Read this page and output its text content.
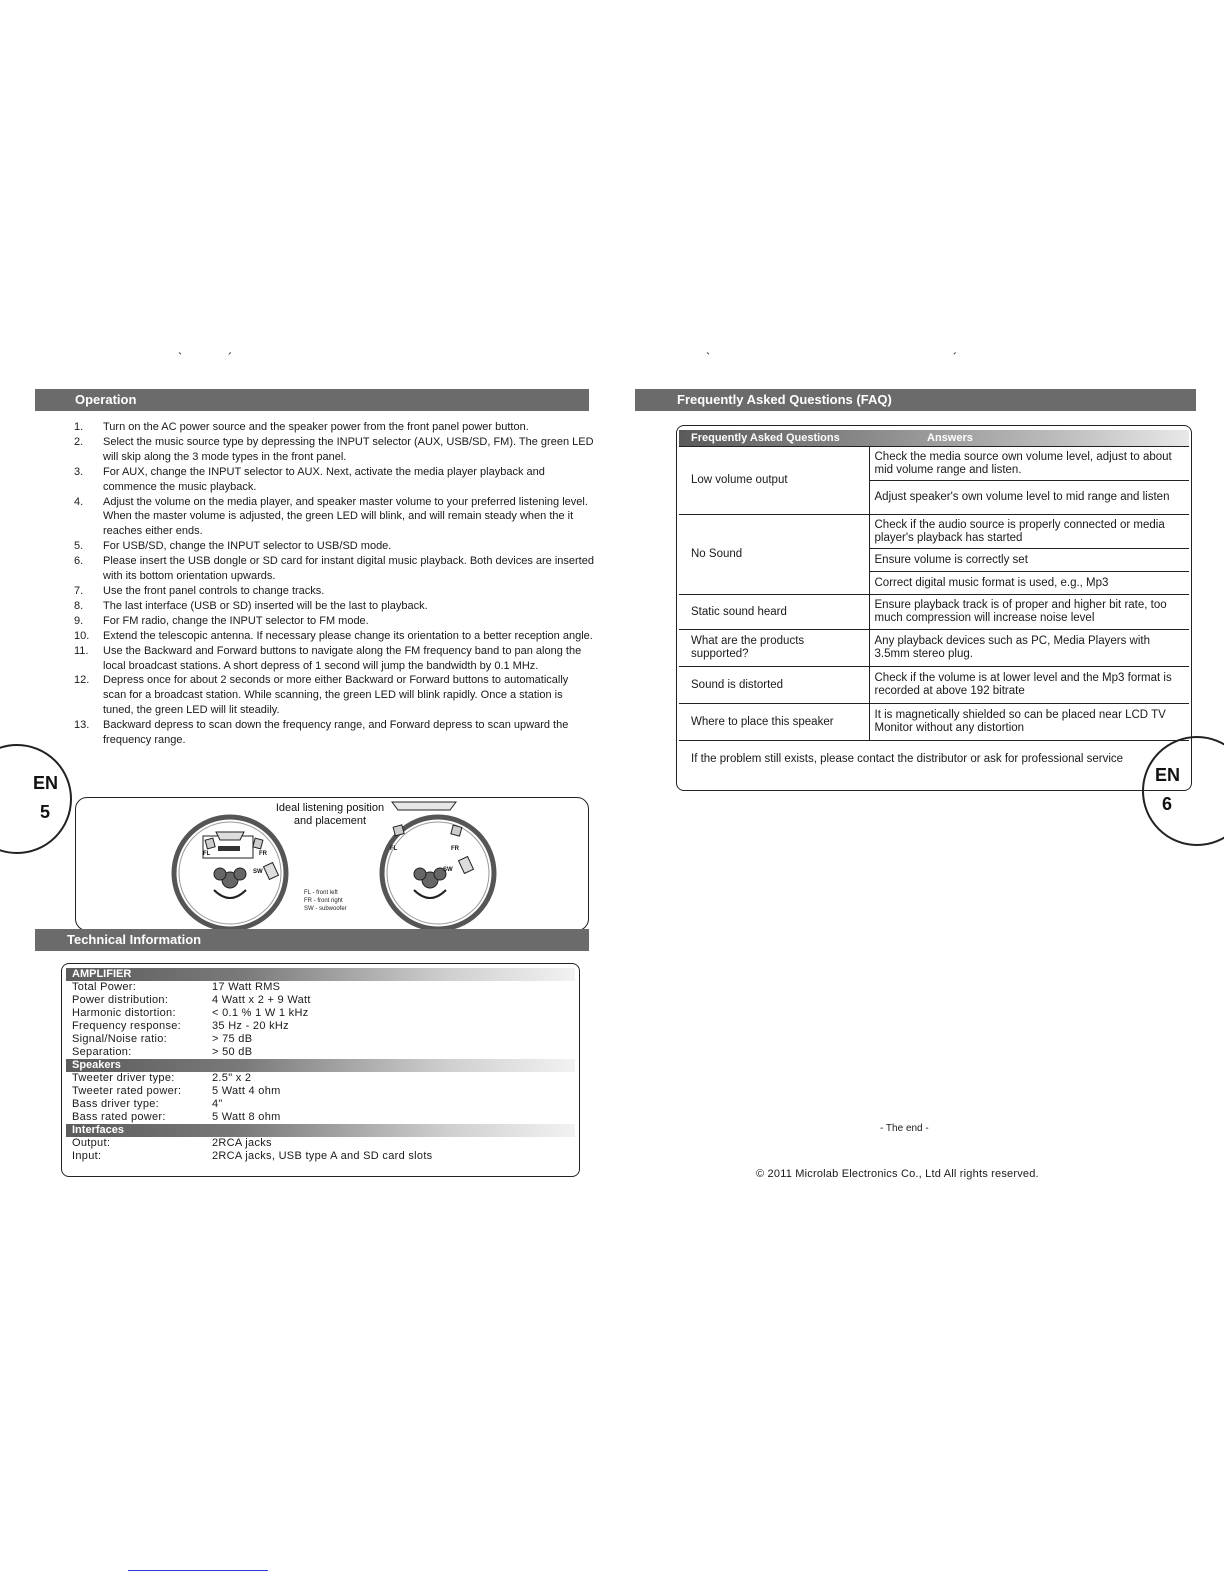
`	´	`	´
Operation
1. Turn on the AC power source and the speaker power from the front panel power button.
2. Select the music source type by depressing the INPUT selector (AUX, USB/SD, FM). The green LED will skip along the 3 mode types in the front panel.
3. For AUX, change the INPUT selector to AUX. Next, activate the media player playback and commence the music playback.
4. Adjust the volume on the media player, and speaker master volume to your preferred listening level. When the master volume is adjusted, the green LED will blink, and will remain steady when the it reaches either ends.
5. For USB/SD, change the INPUT selector to USB/SD mode.
6. Please insert the USB dongle or SD card for instant digital music playback. Both devices are inserted with its bottom orientation upwards.
7. Use the front panel controls to change tracks.
8. The last interface (USB or SD) inserted will be the last to playback.
9. For FM radio, change the INPUT selector to FM mode.
10. Extend the telescopic antenna. If necessary please change its orientation to a better reception angle.
11. Use the Backward and Forward buttons to navigate along the FM frequency band to pan along the local broadcast stations. A short depress of 1 second will jump the bandwidth by 0.1 MHz.
12. Depress once for about 2 seconds or more either Backward or Forward buttons to automatically scan for a broadcast station. While scanning, the green LED will blink rapidly. Once a station is tuned, the green LED will lit steadily.
13. Backward depress to scan down the frequency range, and Forward depress to scan upward the frequency range.
EN
5
FL	FR
SW
FL	FR
SW
Ideal listening position
and placement
FL - front left
FR - front right
SW - subwoofer
Technical Information
AMPLIFIER
Total Power:	17 Watt RMS
Power distribution:	4 Watt x 2 + 9 Watt
Harmonic distortion:	< 0.1 % 1 W 1 kHz
Frequency response:	35 Hz - 20 kHz
Signal/Noise ratio:	> 75 dB
Separation:	> 50 dB
Speakers
Tweeter driver type:	2.5" x 2
Tweeter rated power:	5 Watt 4 ohm
Bass driver type:	4"
Bass rated power:	5 Watt 8 ohm
Interfaces
Output:	2RCA jacks
Input:	2RCA jacks, USB type A and SD card slots
Frequently Asked Questions (FAQ)
Frequently Asked Questions	Answers
Low volume output	Check the media source own volume level, adjust to about mid volume range and listen.
	Adjust speaker's own volume level to mid range and listen
No Sound	Check if the audio source is properly connected or media player's playback has started
	Ensure volume is correctly set
	Correct digital music format is used, e.g., Mp3
Static sound heard	Ensure playback track is of proper and higher bit rate, too much compression will increase noise level
What are the products supported?	Any playback devices such as PC, Media Players with 3.5mm stereo plug.
Sound is distorted	Check if the volume is at lower level and the Mp3 format is recorded at above 192 bitrate
Where to place this speaker	It is magnetically shielded so can be placed near LCD TV Monitor without any distortion
If the problem still exists, please contact the distributor or ask for professional service	
EN
6
- The end -
© 2011 Microlab Electronics Co., Ltd All rights reserved.
